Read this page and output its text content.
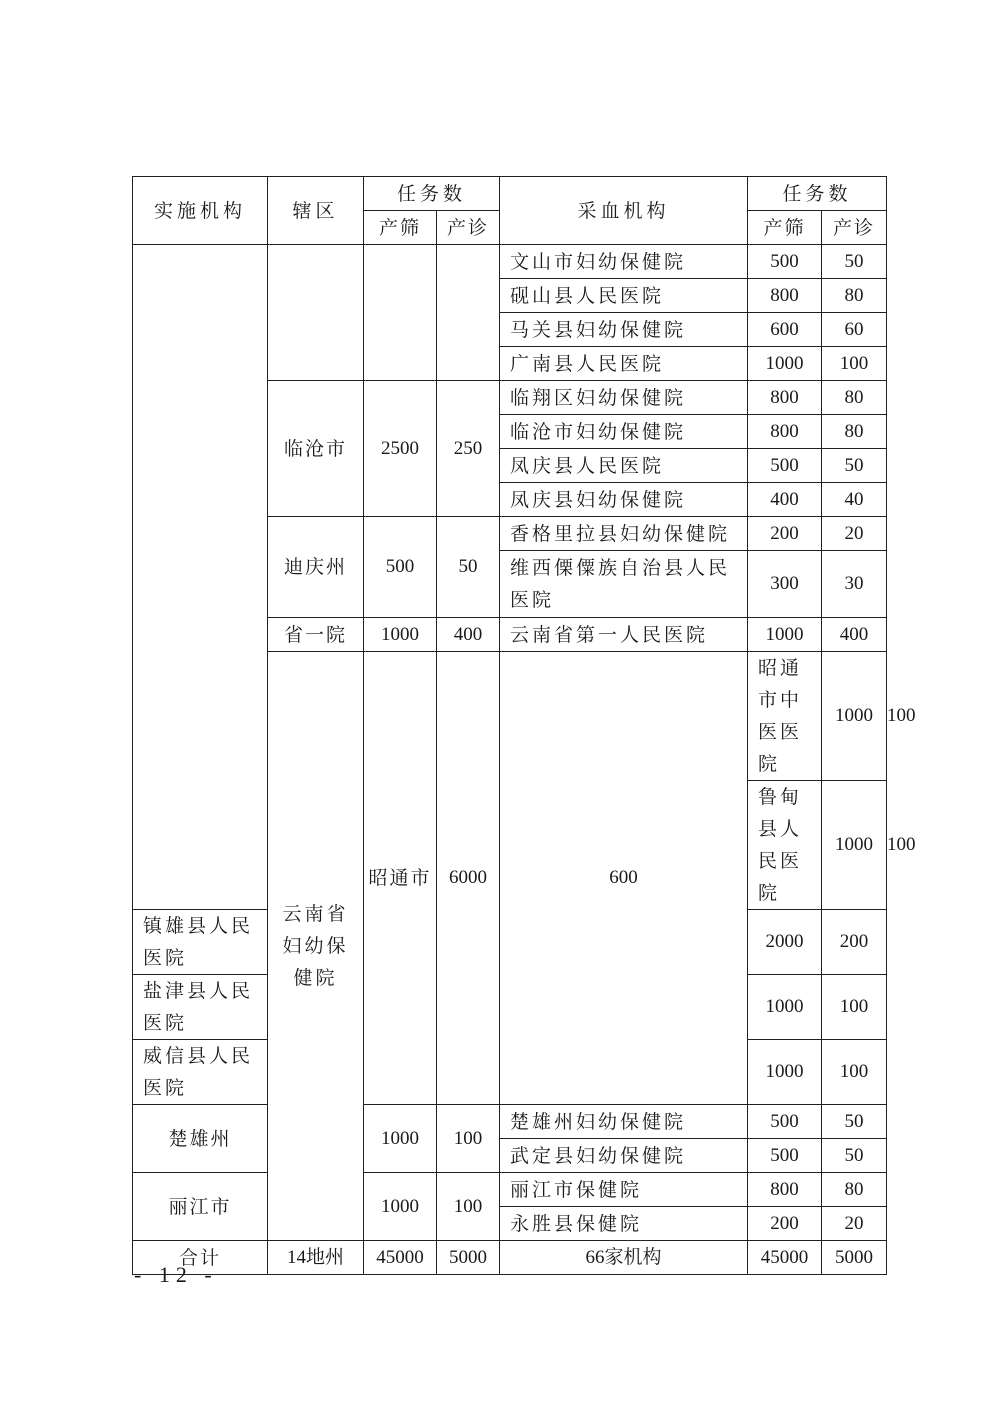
实施机构	辖区	任务数		采血机构	任务数		
		产筛	产诊		产筛	产诊	
				文山市妇幼保健院	500	50	
				砚山县人民医院	800	80	
				马关县妇幼保健院	600	60	
				广南县人民医院	1000	100	
	临沧市	2500	250	临翔区妇幼保健院	800	80	
				临沧市妇幼保健院	800	80	
				凤庆县人民医院	500	50	
				凤庆县妇幼保健院	400	40	
	迪庆州	500	50	香格里拉县妇幼保健院	200	20	
				维西傈僳族自治县人民医院	300	30	
	省一院	1000	400	云南省第一人民医院	1000	400	
	云南省妇幼保健院	昭通市	6000	600	昭通市中医医院	1000	100
					鲁甸县人民医院	1000	100
镇雄县人民医院					2000	200	
盐津县人民医院					1000	100	
威信县人民医院					1000	100	
楚雄州		1000	100	楚雄州妇幼保健院	500	50	
				武定县妇幼保健院	500	50	
丽江市		1000	100	丽江市保健院	800	80	
				永胜县保健院	200	20	
合计	14地州	45000	5000	66家机构	45000	5000	
- 12 -
